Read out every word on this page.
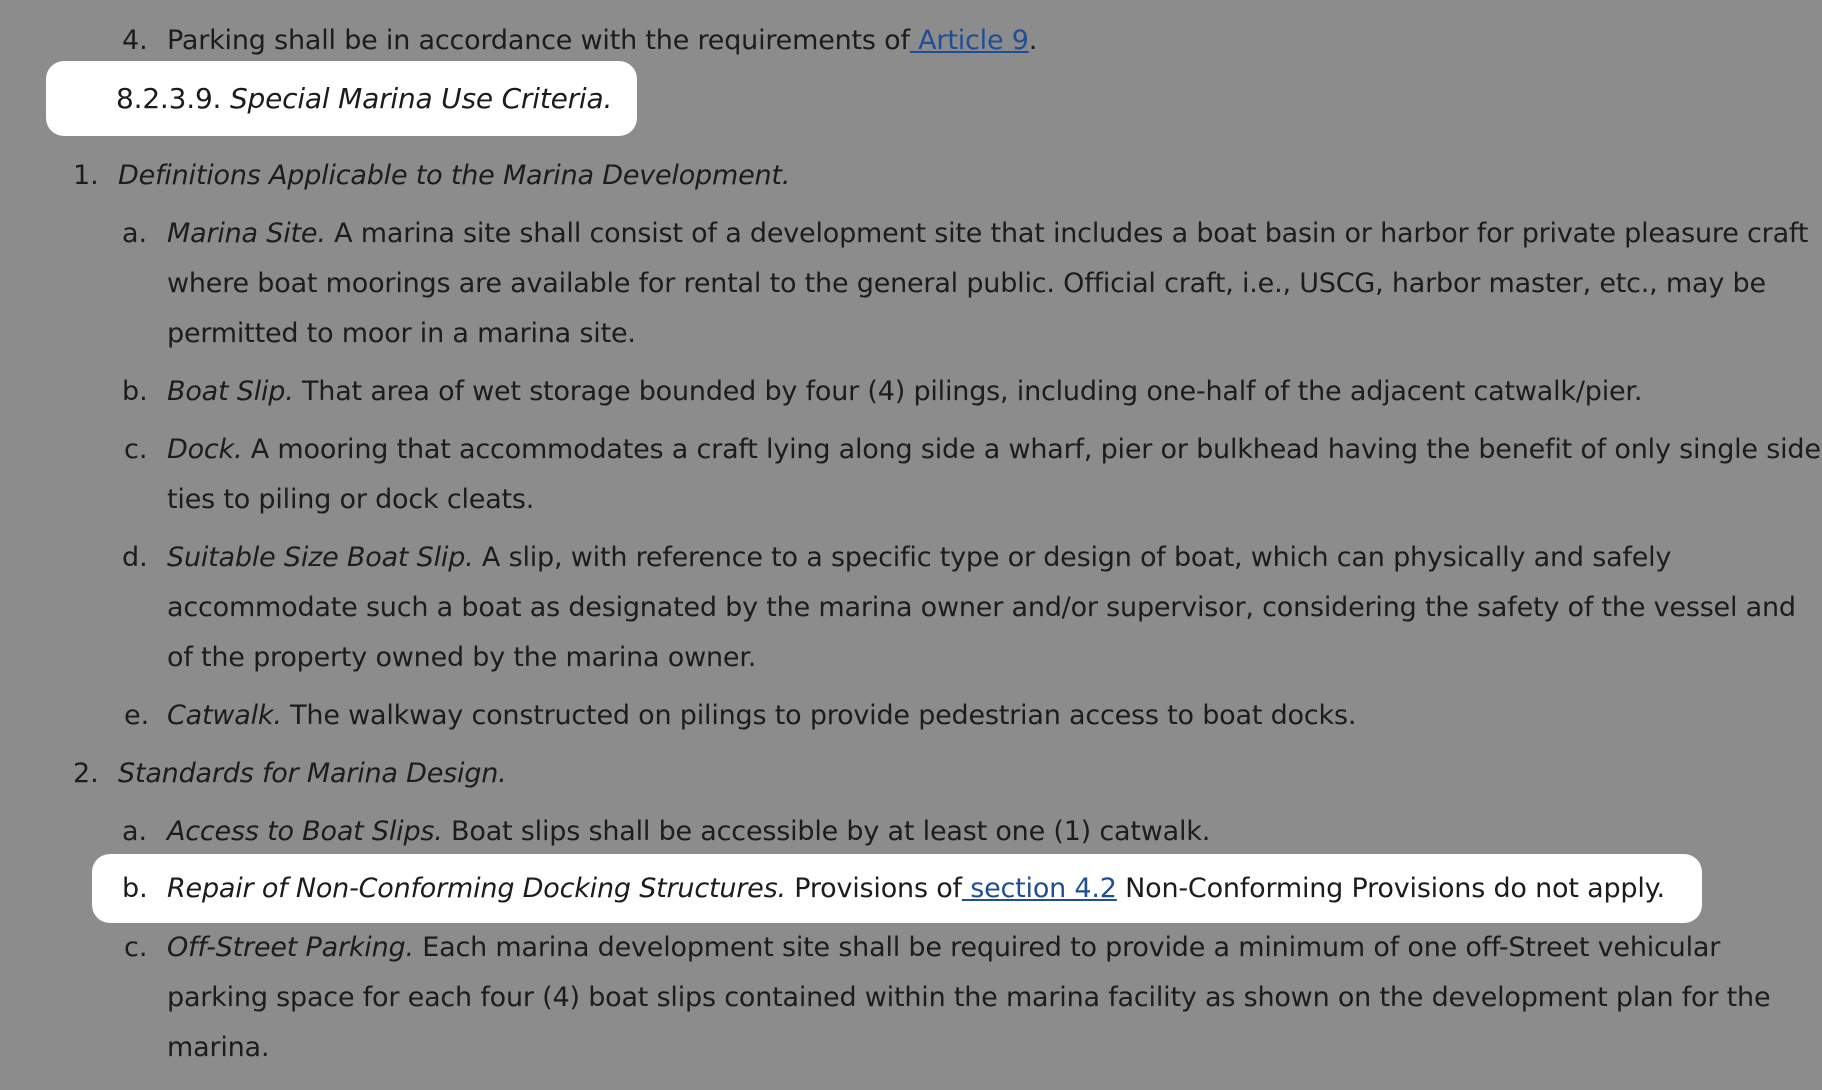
4. Parking shall be in accordance with the requirements of Article 9.
8.2.3.9. Special Marina Use Criteria.
1. Definitions Applicable to the Marina Development.
a. Marina Site. A marina site shall consist of a development site that includes a boat basin or harbor for private pleasure craft
where boat moorings are available for rental to the general public. Official craft, i.e., USCG, harbor master, etc., may be
permitted to moor in a marina site.
b. Boat Slip. That area of wet storage bounded by four (4) pilings, including one-half of the adjacent catwalk/pier.
c. Dock. A mooring that accommodates a craft lying along side a wharf, pier or bulkhead having the benefit of only single side
ties to piling or dock cleats.
d. Suitable Size Boat Slip. A slip, with reference to a specific type or design of boat, which can physically and safely
accommodate such a boat as designated by the marina owner and/or supervisor, considering the safety of the vessel and
of the property owned by the marina owner.
e. Catwalk. The walkway constructed on pilings to provide pedestrian access to boat docks.
2. Standards for Marina Design.
a. Access to Boat Slips. Boat slips shall be accessible by at least one (1) catwalk.
b. Repair of Non-Conforming Docking Structures. Provisions of section 4.2 Non-Conforming Provisions do not apply.
c. Off-Street Parking. Each marina development site shall be required to provide a minimum of one off-Street vehicular
parking space for each four (4) boat slips contained within the marina facility as shown on the development plan for the
marina.
